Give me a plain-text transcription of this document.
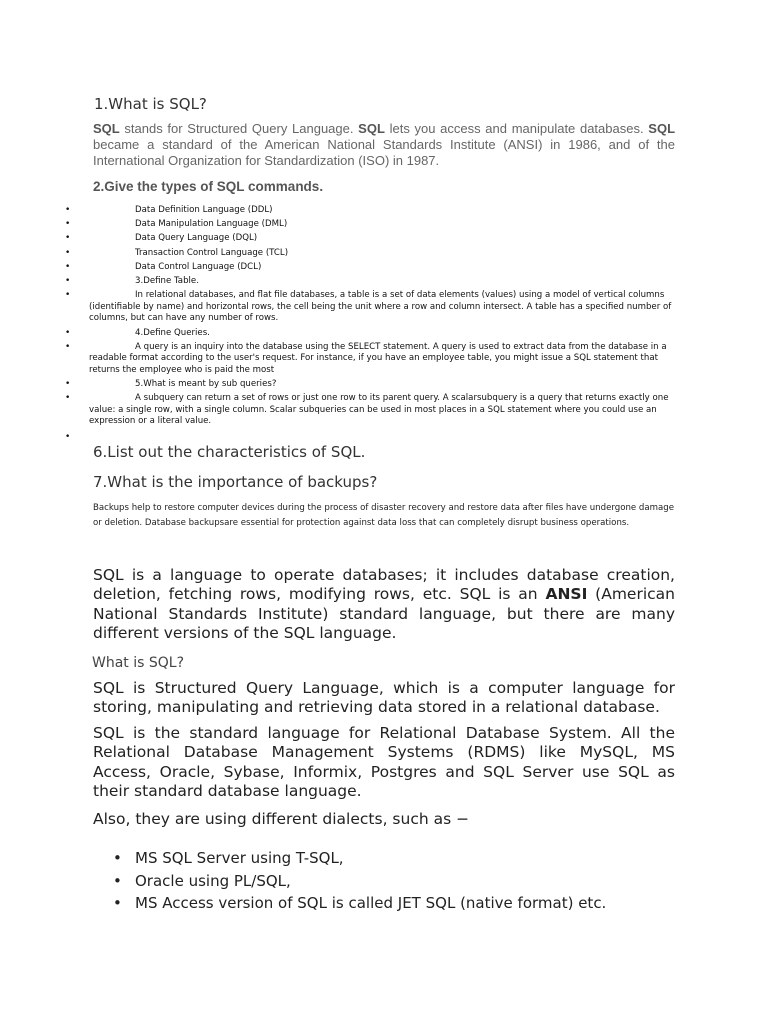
1.What is SQL?
SQL stands for Structured Query Language. SQL lets you access and manipulate databases. SQL became a standard of the American National Standards Institute (ANSI) in 1986, and of the International Organization for Standardization (ISO) in 1987.
2.Give the types of SQL commands.
• Data Definition Language (DDL)
• Data Manipulation Language (DML)
• Data Query Language (DQL)
• Transaction Control Language (TCL)
• Data Control Language (DCL)
• 3.Define Table.
• In relational databases, and flat file databases, a table is a set of data elements (values) using a model of vertical columns (identifiable by name) and horizontal rows, the cell being the unit where a row and column intersect. A table has a specified number of columns, but can have any number of rows.
• 4.Define Queries.
• A query is an inquiry into the database using the SELECT statement. A query is used to extract data from the database in a readable format according to the user's request. For instance, if you have an employee table, you might issue a SQL statement that returns the employee who is paid the most
• 5.What is meant by sub queries?
• A subquery can return a set of rows or just one row to its parent query. A scalarsubquery is a query that returns exactly one value: a single row, with a single column. Scalar subqueries can be used in most places in a SQL statement where you could use an expression or a literal value.
•

6.List out the characteristics of SQL.
7.What is the importance of backups?
Backups help to restore computer devices during the process of disaster recovery and restore data after files have undergone damage or deletion. Database backupsare essential for protection against data loss that can completely disrupt business operations.
SQL is a language to operate databases; it includes database creation, deletion, fetching rows, modifying rows, etc. SQL is an ANSI (American National Standards Institute) standard language, but there are many different versions of the SQL language.
What is SQL?
SQL is Structured Query Language, which is a computer language for storing, manipulating and retrieving data stored in a relational database.
SQL is the standard language for Relational Database System. All the Relational Database Management Systems (RDMS) like MySQL, MS Access, Oracle, Sybase, Informix, Postgres and SQL Server use SQL as their standard database language.
Also, they are using different dialects, such as −
• MS SQL Server using T-SQL,
• Oracle using PL/SQL,
• MS Access version of SQL is called JET SQL (native format) etc.
